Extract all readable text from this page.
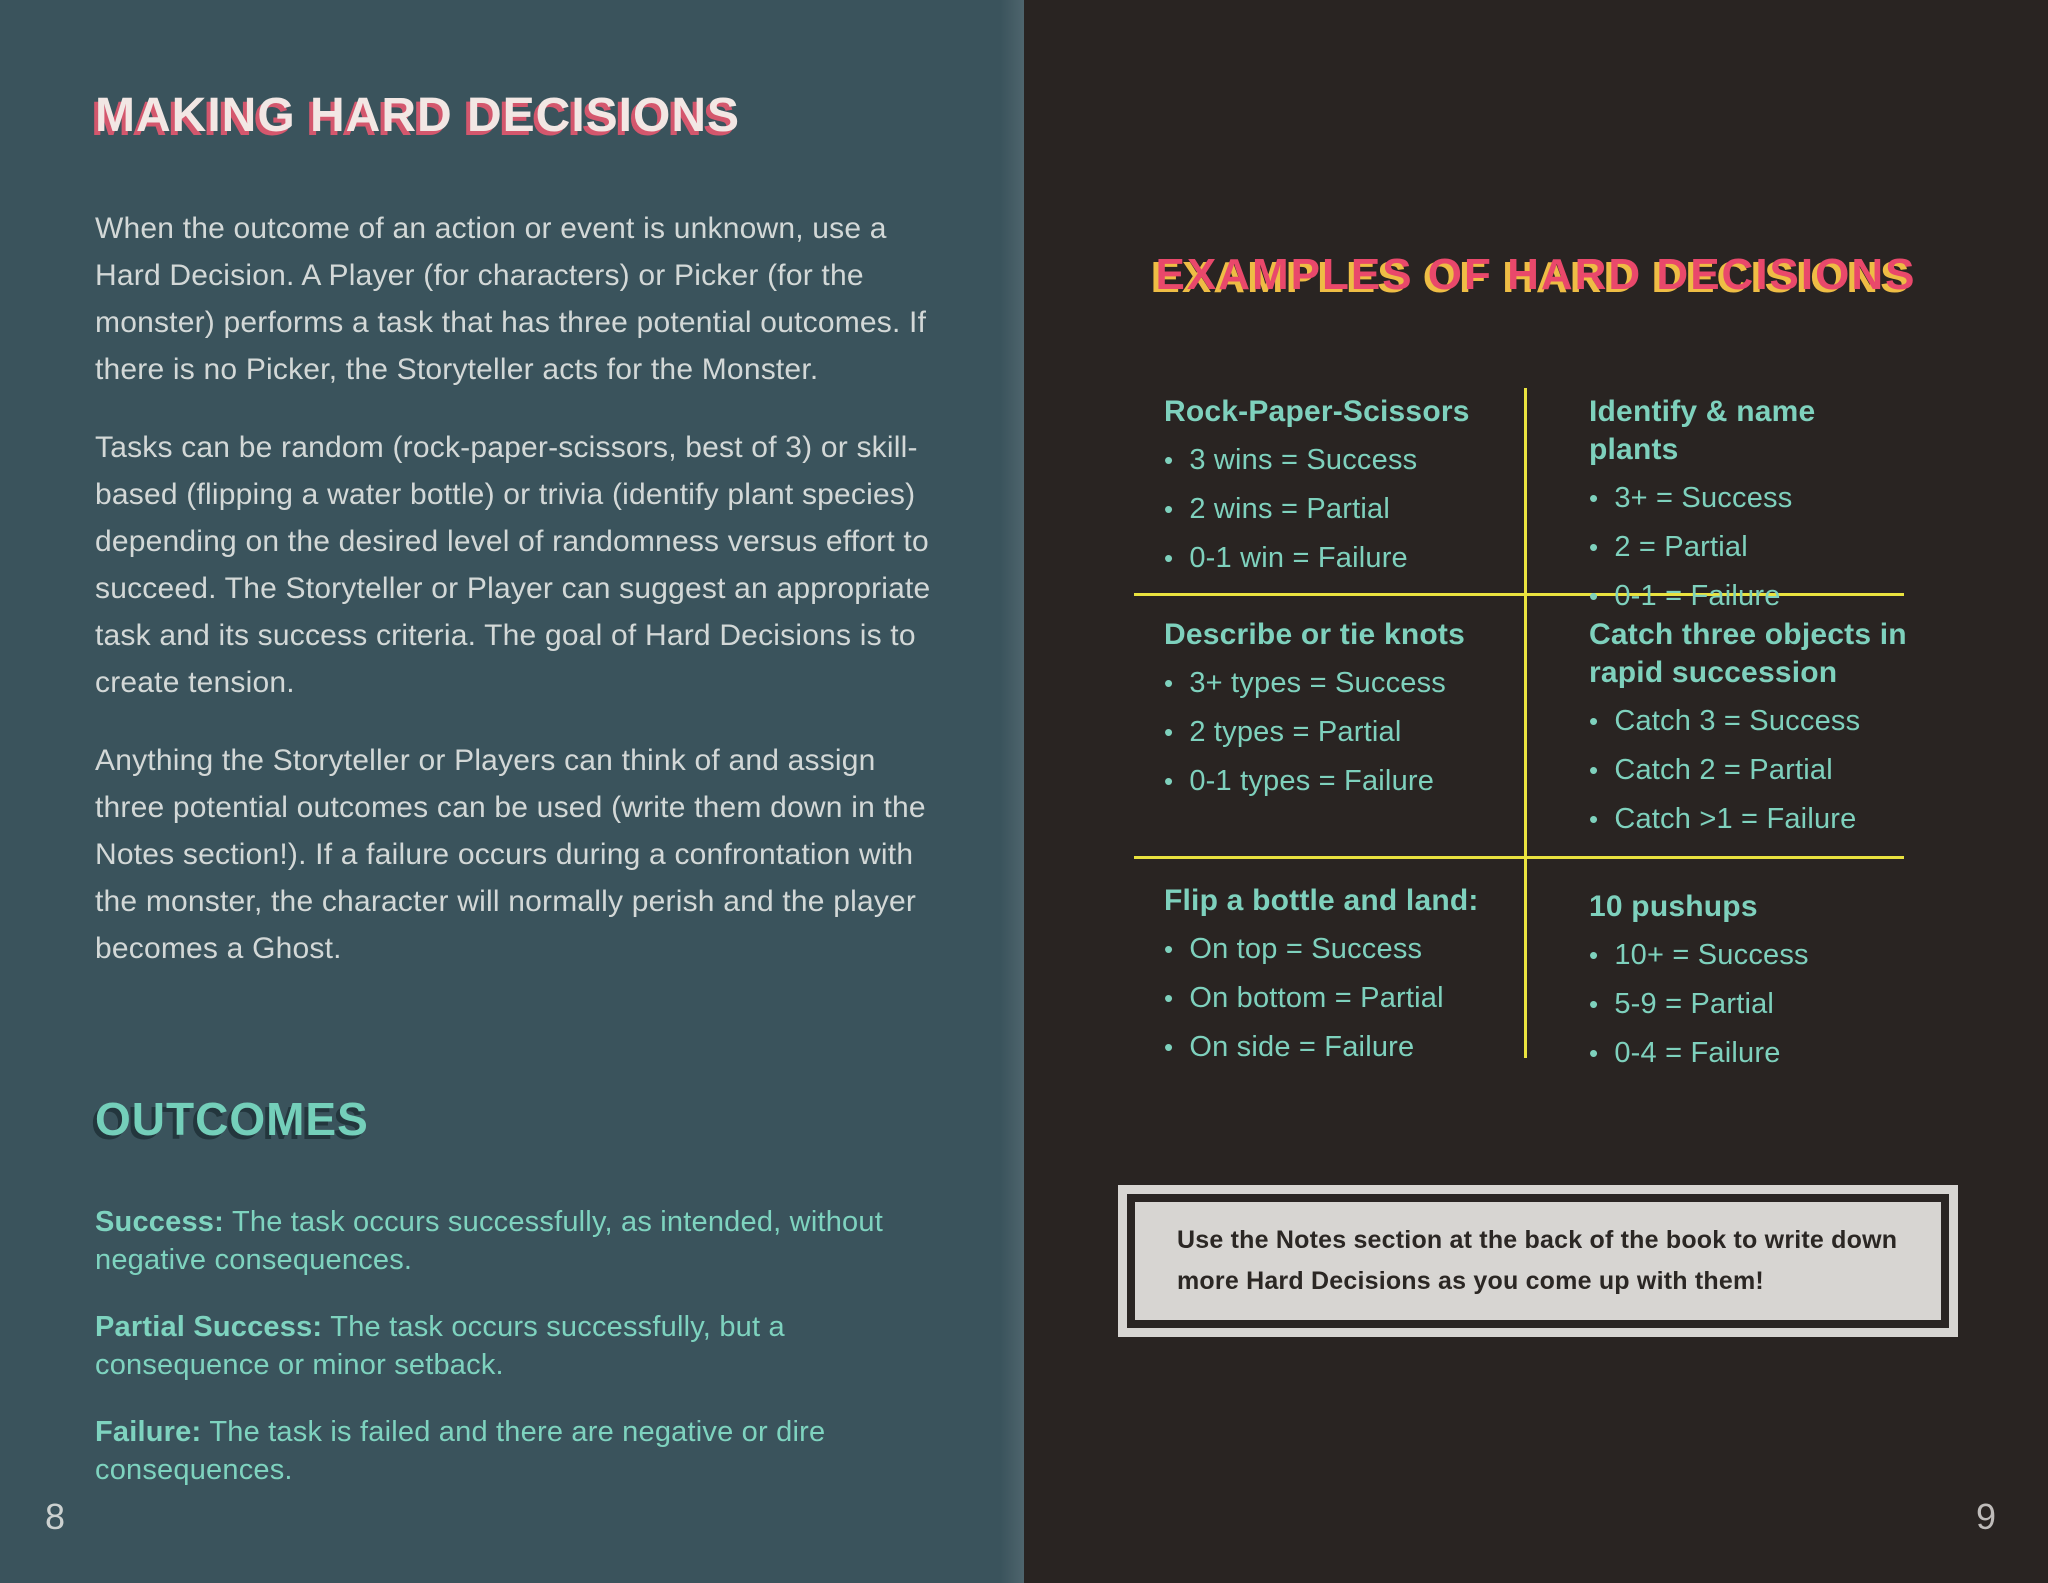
MAKING HARD DECISIONS

When the outcome of an action or event is unknown, use a Hard Decision. A Player (for characters) or Picker (for the monster) performs a task that has three potential outcomes. If there is no Picker, the Storyteller acts for the Monster.

Tasks can be random (rock-paper-scissors, best of 3) or skill-based (flipping a water bottle) or trivia (identify plant species) depending on the desired level of randomness versus effort to succeed. The Storyteller or Player can suggest an appropriate task and its success criteria. The goal of Hard Decisions is to create tension.

Anything the Storyteller or Players can think of and assign three potential outcomes can be used (write them down in the Notes section!). If a failure occurs during a confrontation with the monster, the character will normally perish and the player becomes a Ghost.

OUTCOMES

Success: The task occurs successfully, as intended, without negative consequences.

Partial Success: The task occurs successfully, but a consequence or minor setback.

Failure: The task is failed and there are negative or dire consequences.

8
EXAMPLES OF HARD DECISIONS
Rock-Paper-Scissors
• 3 wins = Success
• 2 wins = Partial
• 0-1 win = Failure
Identify & name plants
• 3+ = Success
• 2 = Partial
• 0-1 = Failure
Describe or tie knots
• 3+ types = Success
• 2 types = Partial
• 0-1 types = Failure
Catch three objects in rapid succession
• Catch 3 = Success
• Catch 2 = Partial
• Catch >1 = Failure
Flip a bottle and land:
• On top = Success
• On bottom = Partial
• On side = Failure
10 pushups
• 10+ = Success
• 5-9 = Partial
• 0-4 = Failure
Use the Notes section at the back of the book to write down more Hard Decisions as you come up with them!
9
